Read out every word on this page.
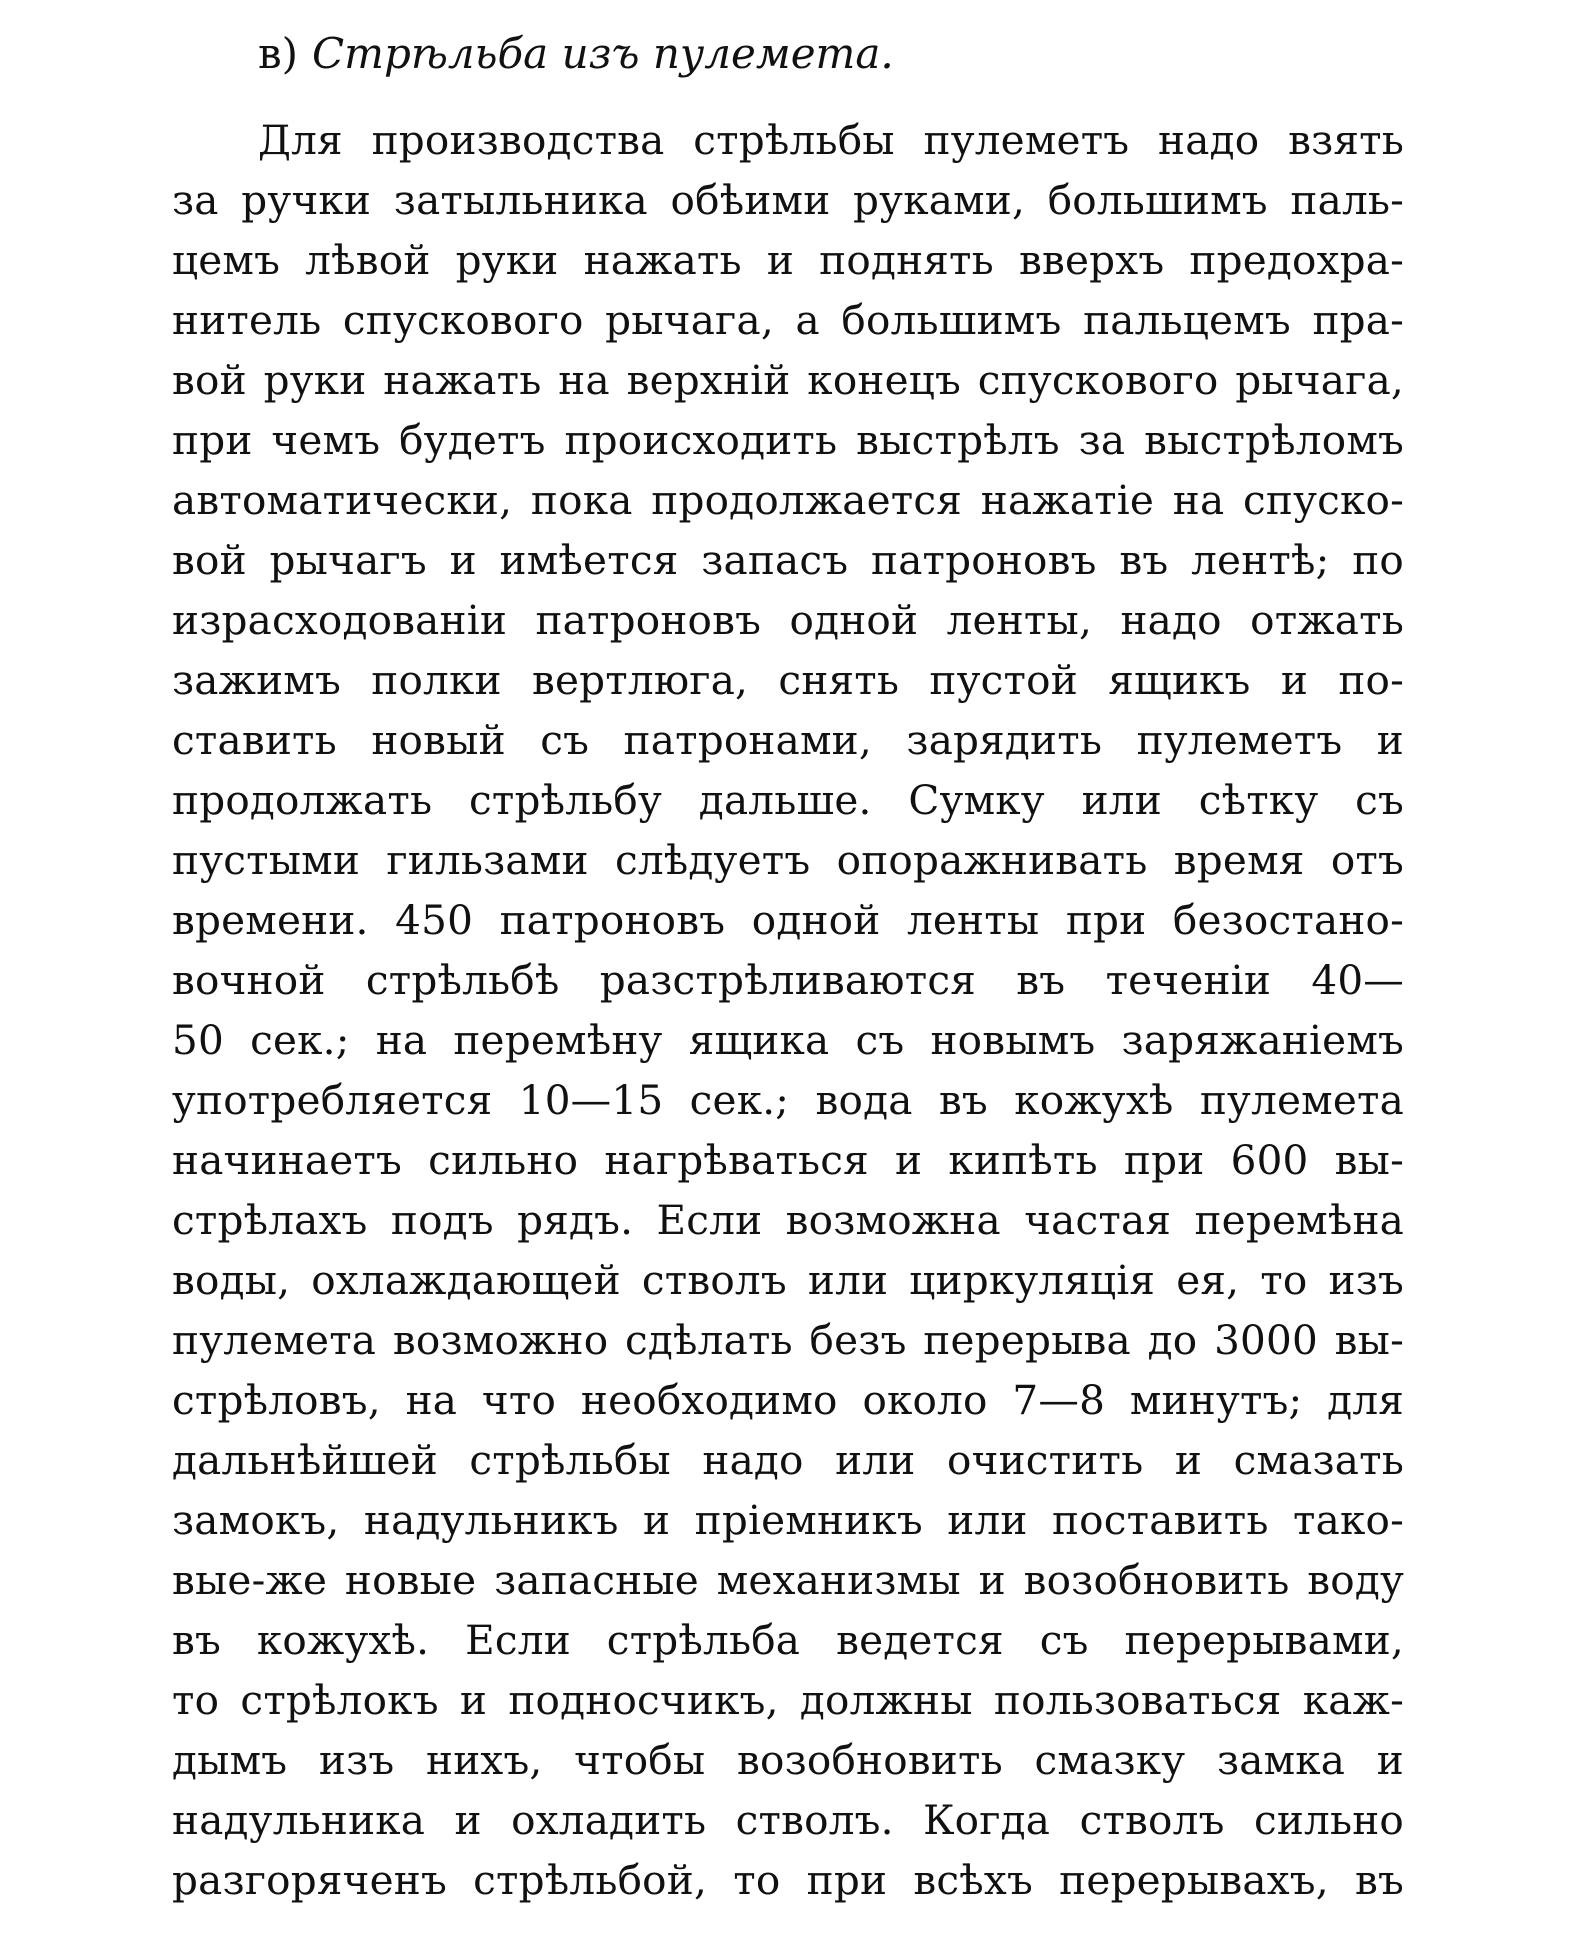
в) Стрѣльба изъ пулемета.
Для производства стрѣльбы пулеметъ надо взять
за ручки затыльника обѣими руками, большимъ паль-
цемъ лѣвой руки нажать и поднять вверхъ предохра-
нитель спускового рычага, а большимъ пальцемъ пра-
вой руки нажать на верхній конецъ спускового рычага,
при чемъ будетъ происходить выстрѣлъ за выстрѣломъ
автоматически, пока продолжается нажатіе на спуско-
вой рычагъ и имѣется запасъ патроновъ въ лентѣ; по
израсходованіи патроновъ одной ленты, надо отжать
зажимъ полки вертлюга, снять пустой ящикъ и по-
ставить новый съ патронами, зарядить пулеметъ и
продолжать стрѣльбу дальше. Сумку или сѣтку съ
пустыми гильзами слѣдуетъ опоражнивать время отъ
времени. 450 патроновъ одной ленты при безостано-
вочной стрѣльбѣ разстрѣливаются въ теченіи 40—
50 сек.; на перемѣну ящика съ новымъ заряжаніемъ
употребляется 10—15 сек.; вода въ кожухѣ пулемета
начинаетъ сильно нагрѣваться и кипѣть при 600 вы-
стрѣлахъ подъ рядъ. Если возможна частая перемѣна
воды, охлаждающей стволъ или циркуляція ея, то изъ
пулемета возможно сдѣлать безъ перерыва до 3000 вы-
стрѣловъ, на что необходимо около 7—8 минутъ; для
дальнѣйшей стрѣльбы надо или очистить и смазать
замокъ, надульникъ и пріемникъ или поставить тако-
вые-же новые запасные механизмы и возобновить воду
въ кожухѣ. Если стрѣльба ведется съ перерывами,
то стрѣлокъ и подносчикъ, должны пользоваться каж-
дымъ изъ нихъ, чтобы возобновить смазку замка и
надульника и охладить стволъ. Когда стволъ сильно
разгоряченъ стрѣльбой, то при всѣхъ перерывахъ, въ
